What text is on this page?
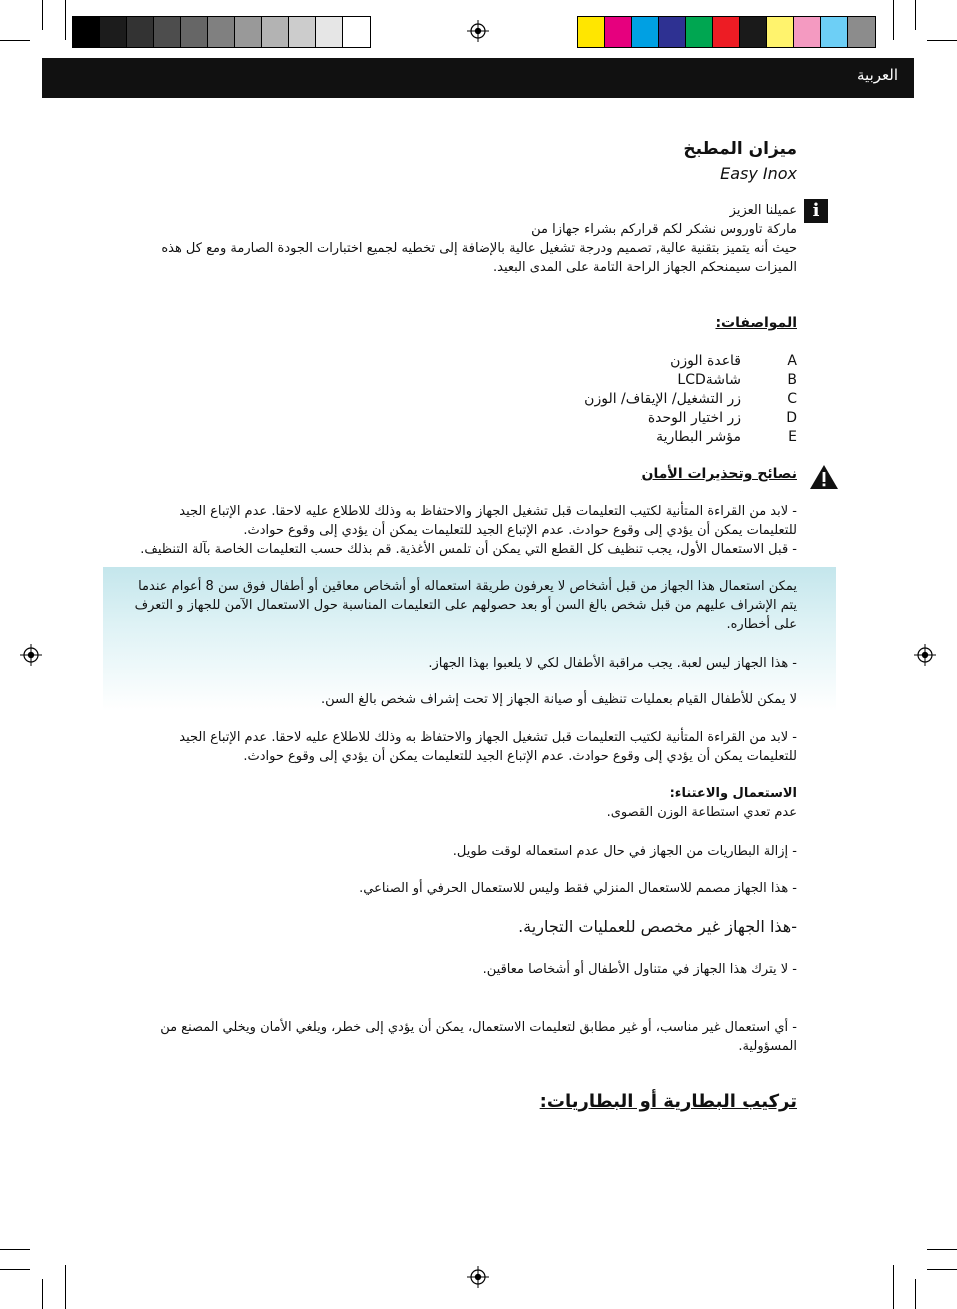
العربية
ميزان المطبخ
Easy Inox
i
عميلنا العزيز
ماركة تاوروس نشكر لكم قراركم بشراء جهازا من
حيث أنه يتميز بتقنية عالية, تصميم ودرجة تشغيل عالية بالإضافة إلى تخطيه لجميع اختبارات الجودة الصارمة ومع كل هذه
الميزات سيمنحكم الجهاز الراحة التامة على المدى البعيد.
المواصفات:
A
قاعدة الوزن
B
شاشةLCD
C
زر التشغيل/ الإيقاف/ الوزن
D
زر اختيار الوحدة
E
مؤشر البطارية
نصائح وتحذيرات الأمان
- لابد من القراءة المتأنية لكتيب التعليمات قبل تشغيل الجهاز والاحتفاظ به وذلك للاطلاع عليه لاحقا. عدم الإتباع الجيد
للتعليمات يمكن أن يؤدي إلى وقوع حوادث. عدم الإتباع الجيد للتعليمات يمكن أن يؤدي إلى وقوع حوادث.
- قبل الاستعمال الأول، يجب تنظيف كل القطع التي يمكن أن تلمس الأغذية. قم بذلك حسب التعليمات الخاصة بآلة التنظيف.
يمكن استعمال هذا الجهاز من قبل أشخاص لا يعرفون طريقة استعماله أو أشخاص معاقين أو أطفال فوق سن 8 أعوام عندما
يتم الإشراف عليهم من قبل شخص بالغ السن أو بعد حصولهم على التعليمات المناسبة حول الاستعمال الآمن للجهاز و التعرف
على أخطاره.
- هذا الجهاز ليس لعبة. يجب مراقبة الأطفال لكي لا يلعبوا بهذا الجهاز.
لا يمكن للأطفال القيام بعمليات تنظيف أو صيانة الجهاز إلا تحت إشراف شخص بالغ السن.
- لابد من القراءة المتأنية لكتيب التعليمات قبل تشغيل الجهاز والاحتفاظ به وذلك للاطلاع عليه لاحقا. عدم الإتباع الجيد
للتعليمات يمكن أن يؤدي إلى وقوع حوادث. عدم الإتباع الجيد للتعليمات يمكن أن يؤدي إلى وقوع حوادث.
الاستعمال والاعتناء:
عدم تعدي استطاعة الوزن القصوى.
- إزالة البطاريات من الجهاز في حال عدم استعماله لوقت طويل.
- هذا الجهاز مصمم للاستعمال المنزلي فقط وليس للاستعمال الحرفي أو الصناعي.
-هذا الجهاز غير مخصص للعمليات التجارية.
- لا يترك هذا الجهاز في متناول الأطفال أو أشخاصا معاقين.
- أي استعمال غير مناسب، أو غير مطابق لتعليمات الاستعمال، يمكن أن يؤدي إلى خطر، ويلغي الأمان ويخلي المصنع من
المسؤولية.
تركيب البطارية أو البطاريات:
